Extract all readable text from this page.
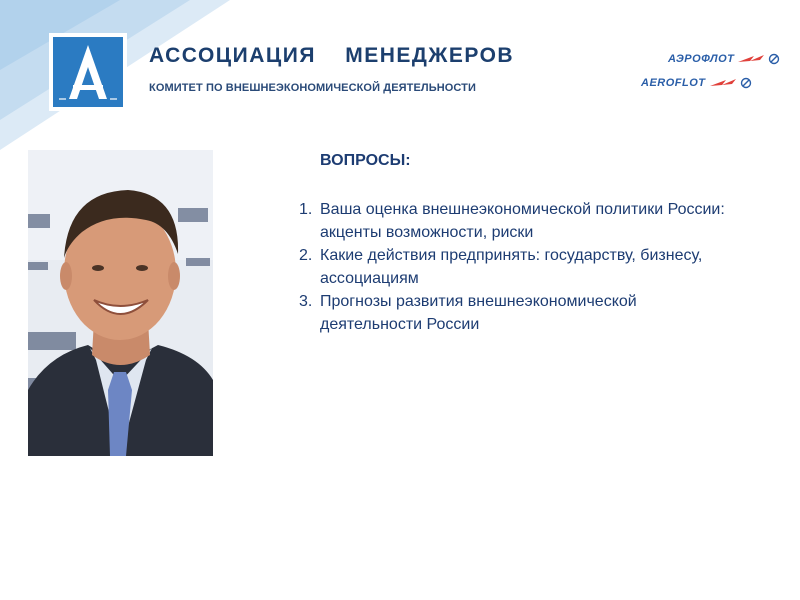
АССОЦИАЦИЯ    МЕНЕДЖЕРОВ
КОМИТЕТ ПО ВНЕШНЕЭКОНОМИЧЕСКОЙ ДЕЯТЕЛЬНОСТИ
АЭРОФЛОТ
AEROFLOT
ВОПРОСЫ:
1. Ваша оценка внешнеэкономической политики России: акценты возможности, риски
2. Какие действия предпринять: государству, бизнесу, ассоциациям
3. Прогнозы развития внешнеэкономической деятельности России
